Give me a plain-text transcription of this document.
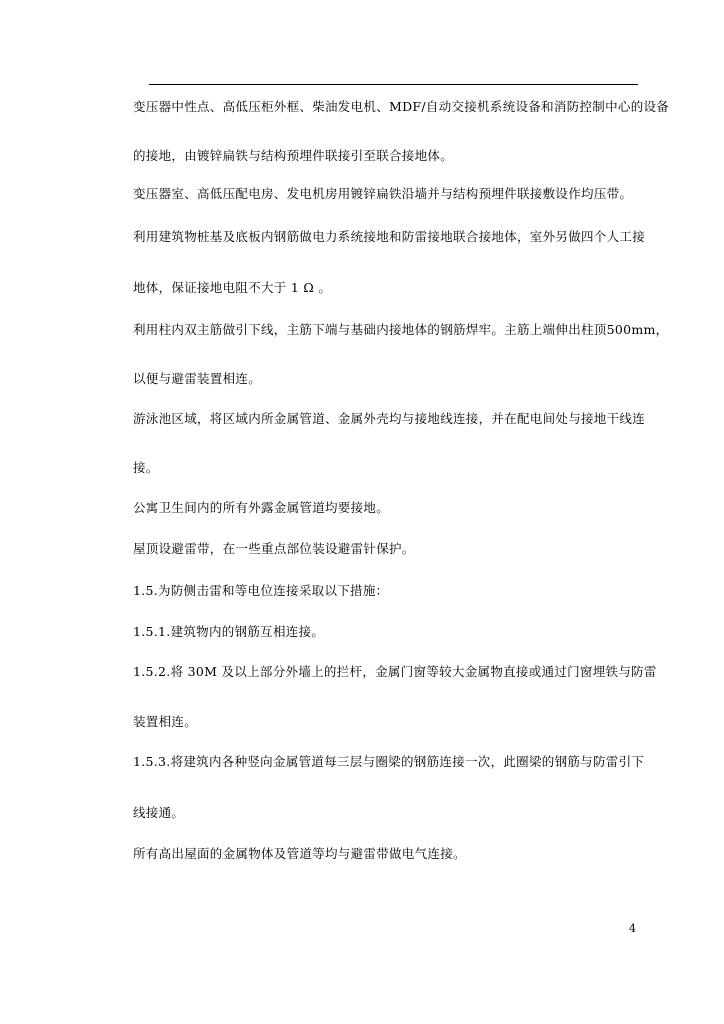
变压器中性点、高低压柜外框、柴油发电机、MDF/自动交接机系统设备和消防控制中心的设备
的接地，由镀锌扁铁与结构预埋件联接引至联合接地体。
变压器室、高低压配电房、发电机房用镀锌扁铁沿墙并与结构预埋件联接敷设作均压带。
利用建筑物桩基及底板内钢筋做电力系统接地和防雷接地联合接地体，室外另做四个人工接
地体，保证接地电阻不大于 1 Ω 。
利用柱内双主筋做引下线，主筋下端与基础内接地体的钢筋焊牢。主筋上端伸出柱顶500mm，
以便与避雷装置相连。
游泳池区域，将区域内所金属管道、金属外壳均与接地线连接，并在配电间处与接地干线连
接。
公寓卫生间内的所有外露金属管道均要接地。
屋顶设避雷带，在一些重点部位装设避雷针保护。
1.5.为防侧击雷和等电位连接采取以下措施：
1.5.1.建筑物内的钢筋互相连接。
1.5.2.将 30M 及以上部分外墙上的拦杆，金属门窗等较大金属物直接或通过门窗埋铁与防雷
装置相连。
1.5.3.将建筑内各种竖向金属管道每三层与圈梁的钢筋连接一次，此圈梁的钢筋与防雷引下
线接通。
所有高出屋面的金属物体及管道等均与避雷带做电气连接。
4
